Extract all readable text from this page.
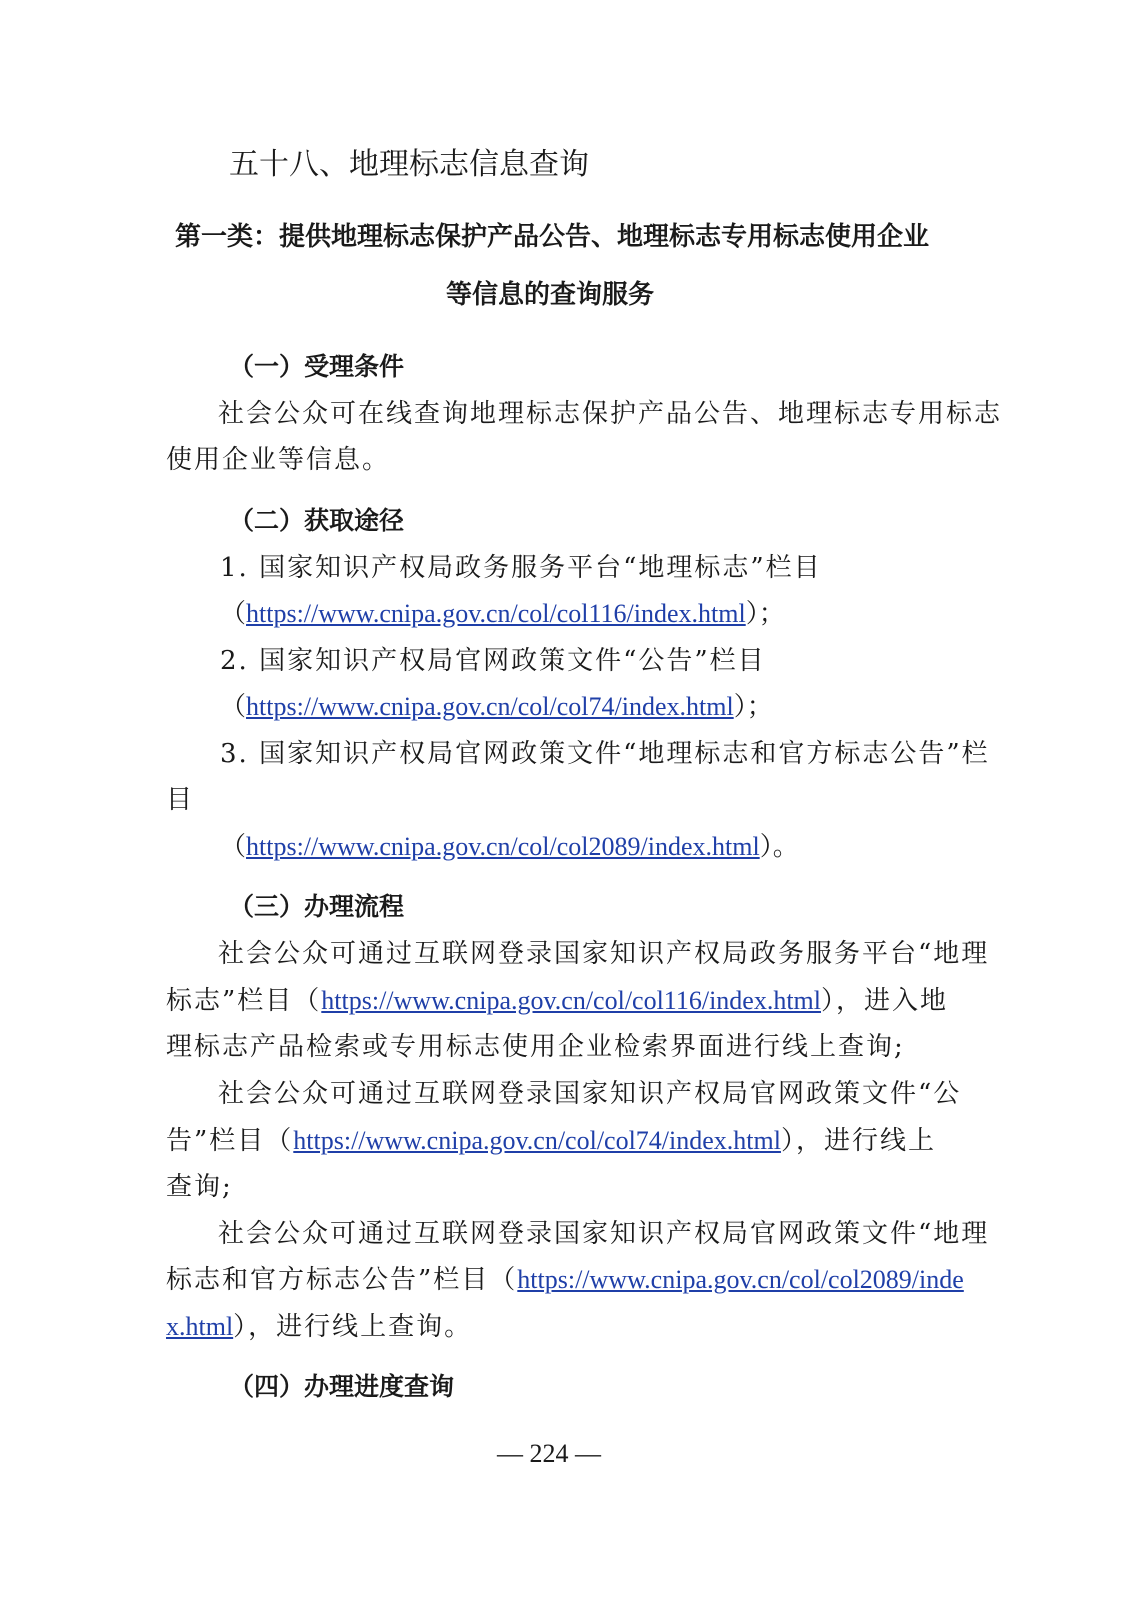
五十八、地理标志信息查询
第一类：提供地理标志保护产品公告、地理标志专用标志使用企业
等信息的查询服务
（一）受理条件
社会公众可在线查询地理标志保护产品公告、地理标志专用标志
使用企业等信息。
（二）获取途径
1. 国家知识产权局政务服务平台“地理标志”栏目
（https://www.cnipa.gov.cn/col/col116/index.html）；
2. 国家知识产权局官网政策文件“公告”栏目
（https://www.cnipa.gov.cn/col/col74/index.html）；
3. 国家知识产权局官网政策文件“地理标志和官方标志公告”栏
目
（https://www.cnipa.gov.cn/col/col2089/index.html）。
（三）办理流程
社会公众可通过互联网登录国家知识产权局政务服务平台“地理
标志”栏目（https://www.cnipa.gov.cn/col/col116/index.html），进入地
理标志产品检索或专用标志使用企业检索界面进行线上查询;
社会公众可通过互联网登录国家知识产权局官网政策文件“公
告”栏目（https://www.cnipa.gov.cn/col/col74/index.html），进行线上
查询;
社会公众可通过互联网登录国家知识产权局官网政策文件“地理
标志和官方标志公告”栏目（https://www.cnipa.gov.cn/col/col2089/inde
x.html），进行线上查询。
（四）办理进度查询
— 224 —
